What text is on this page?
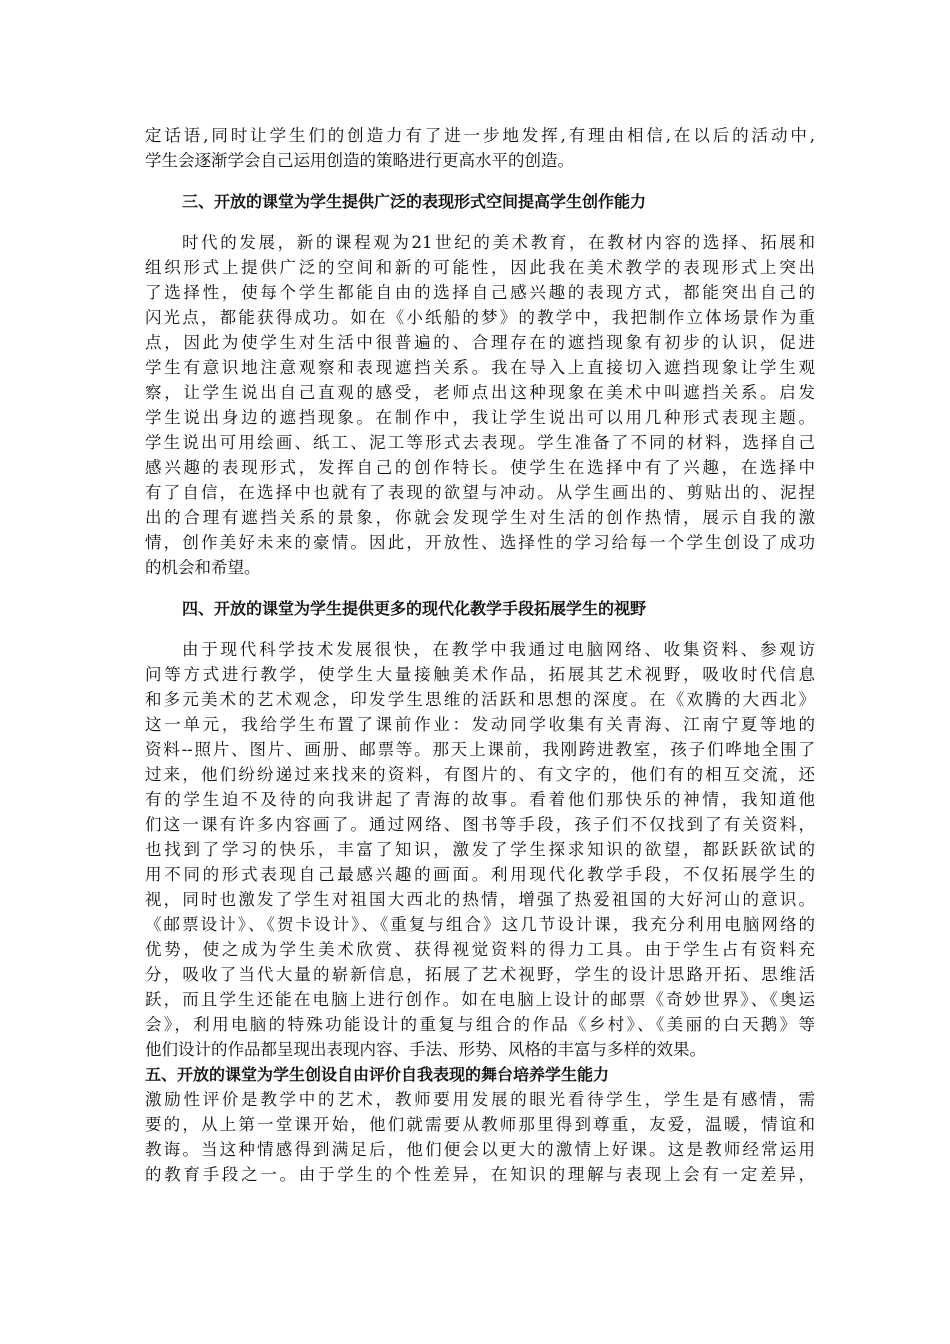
定话语,同时让学生们的创造力有了进一步地发挥,有理由相信,在以后的活动中,
学生会逐渐学会自己运用创造的策略进行更高水平的创造。
三、开放的课堂为学生提供广泛的表现形式空间提高学生创作能力
时代的发展，新的课程观为21世纪的美术教育，在教材内容的选择、拓展和
组织形式上提供广泛的空间和新的可能性，因此我在美术教学的表现形式上突出
了选择性，使每个学生都能自由的选择自己感兴趣的表现方式，都能突出自己的
闪光点，都能获得成功。如在《小纸船的梦》的教学中，我把制作立体场景作为重
点，因此为使学生对生活中很普遍的、合理存在的遮挡现象有初步的认识，促进
学生有意识地注意观察和表现遮挡关系。我在导入上直接切入遮挡现象让学生观
察，让学生说出自己直观的感受，老师点出这种现象在美术中叫遮挡关系。启发
学生说出身边的遮挡现象。在制作中，我让学生说出可以用几种形式表现主题。
学生说出可用绘画、纸工、泥工等形式去表现。学生准备了不同的材料，选择自己
感兴趣的表现形式，发挥自己的创作特长。使学生在选择中有了兴趣，在选择中
有了自信，在选择中也就有了表现的欲望与冲动。从学生画出的、剪贴出的、泥捏
出的合理有遮挡关系的景象，你就会发现学生对生活的创作热情，展示自我的激
情，创作美好未来的豪情。因此，开放性、选择性的学习给每一个学生创设了成功
的机会和希望。
四、开放的课堂为学生提供更多的现代化教学手段拓展学生的视野
由于现代科学技术发展很快，在教学中我通过电脑网络、收集资料、参观访
问等方式进行教学，使学生大量接触美术作品，拓展其艺术视野，吸收时代信息
和多元美术的艺术观念，印发学生思维的活跃和思想的深度。在《欢腾的大西北》
这一单元，我给学生布置了课前作业：发动同学收集有关青海、江南宁夏等地的
资料--照片、图片、画册、邮票等。那天上课前，我刚跨进教室，孩子们哗地全围了
过来，他们纷纷递过来找来的资料，有图片的、有文字的，他们有的相互交流，还
有的学生迫不及待的向我讲起了青海的故事。看着他们那快乐的神情，我知道他
们这一课有许多内容画了。通过网络、图书等手段，孩子们不仅找到了有关资料，
也找到了学习的快乐，丰富了知识，激发了学生探求知识的欲望，都跃跃欲试的
用不同的形式表现自己最感兴趣的画面。利用现代化教学手段，不仅拓展学生的
视，同时也激发了学生对祖国大西北的热情，增强了热爱祖国的大好河山的意识。
《邮票设计》、《贺卡设计》、《重复与组合》这几节设计课，我充分利用电脑网络的
优势，使之成为学生美术欣赏、获得视觉资料的得力工具。由于学生占有资料充
分，吸收了当代大量的崭新信息，拓展了艺术视野，学生的设计思路开拓、思维活
跃，而且学生还能在电脑上进行创作。如在电脑上设计的邮票《奇妙世界》、《奥运
会》，利用电脑的特殊功能设计的重复与组合的作品《乡村》、《美丽的白天鹅》等
他们设计的作品都呈现出表现内容、手法、形势、风格的丰富与多样的效果。
五、开放的课堂为学生创设自由评价自我表现的舞台培养学生能力
激励性评价是教学中的艺术，教师要用发展的眼光看待学生，学生是有感情，需
要的，从上第一堂课开始，他们就需要从教师那里得到尊重，友爱，温暖，情谊和
教诲。当这种情感得到满足后，他们便会以更大的激情上好课。这是教师经常运用
的教育手段之一。由于学生的个性差异，在知识的理解与表现上会有一定差异，
